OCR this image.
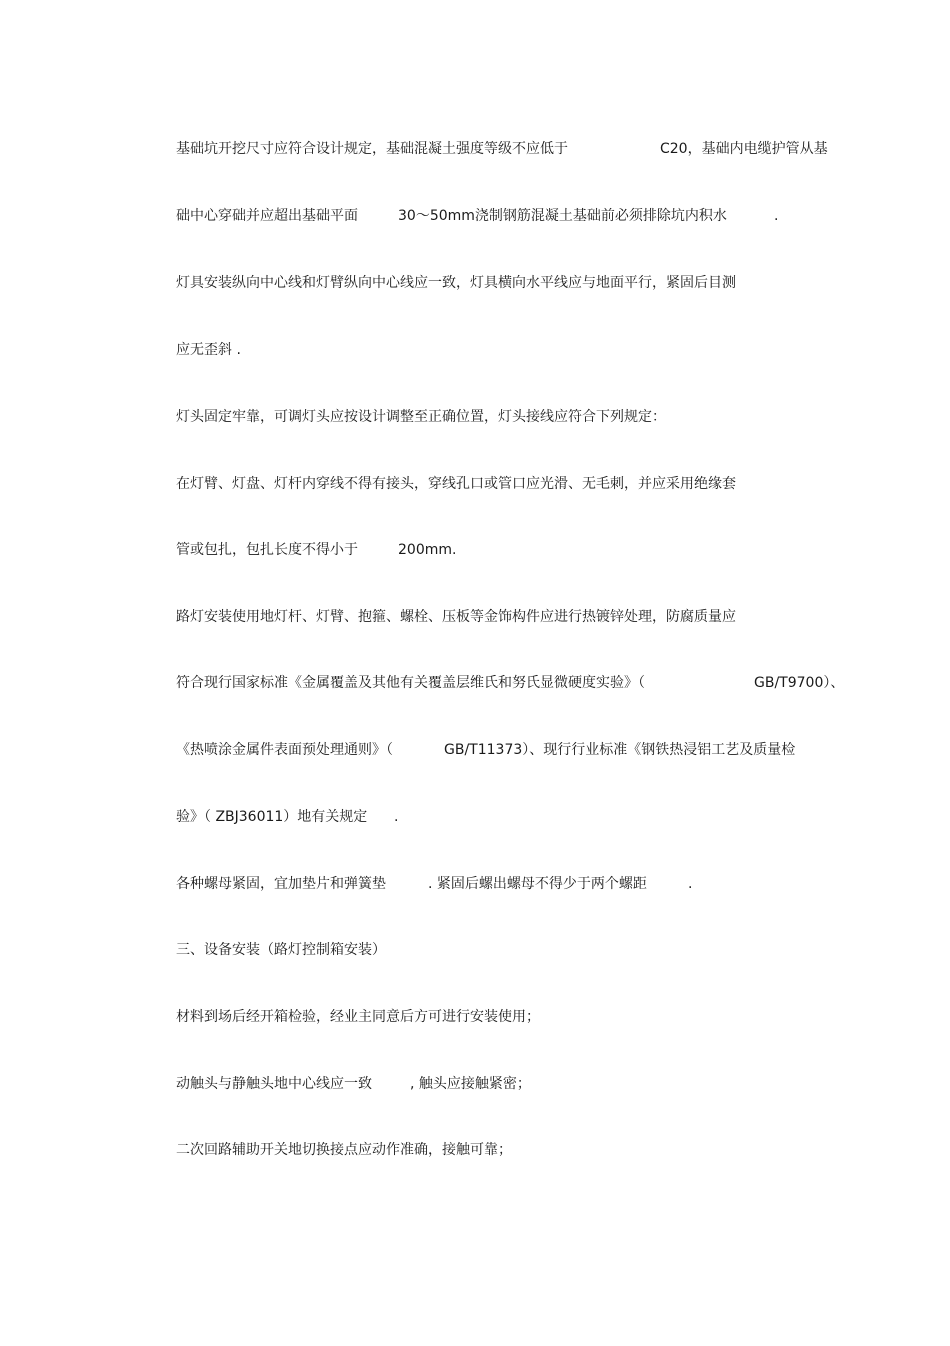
基础坑开挖尺寸应符合设计规定，基础混凝土强度等级不应低于	C20，基础内电缆护管从基
础中心穿础并应超出基础平面	30～50mm浇制钢筋混凝土基础前必须排除坑内积水	.
灯具安装纵向中心线和灯臂纵向中心线应一致，灯具横向水平线应与地面平行，紧固后目测
应无歪斜 .
灯头固定牢靠，可调灯头应按设计调整至正确位置，灯头接线应符合下列规定：
在灯臂、灯盘、灯杆内穿线不得有接头，穿线孔口或管口应光滑、无毛刺，并应采用绝缘套
管或包扎，包扎长度不得小于	200mm.
路灯安装使用地灯杆、灯臂、抱箍、螺栓、压板等金饰构件应进行热镀锌处理，防腐质量应
符合现行国家标准《金属覆盖及其他有关覆盖层维氏和努氏显微硬度实验》（	GB/T9700）、
《热喷涂金属件表面预处理通则》（	GB/T11373）、现行行业标准《钢铁热浸铝工艺及质量检
验》（ ZBJ36011）地有关规定 .
各种螺母紧固，宜加垫片和弹簧垫	. 紧固后螺出螺母不得少于两个螺距	.
三、设备安装（路灯控制箱安装）
材料到场后经开箱检验，经业主同意后方可进行安装使用；
动触头与静触头地中心线应一致	, 触头应接触紧密；
二次回路辅助开关地切换接点应动作准确，接触可靠；
